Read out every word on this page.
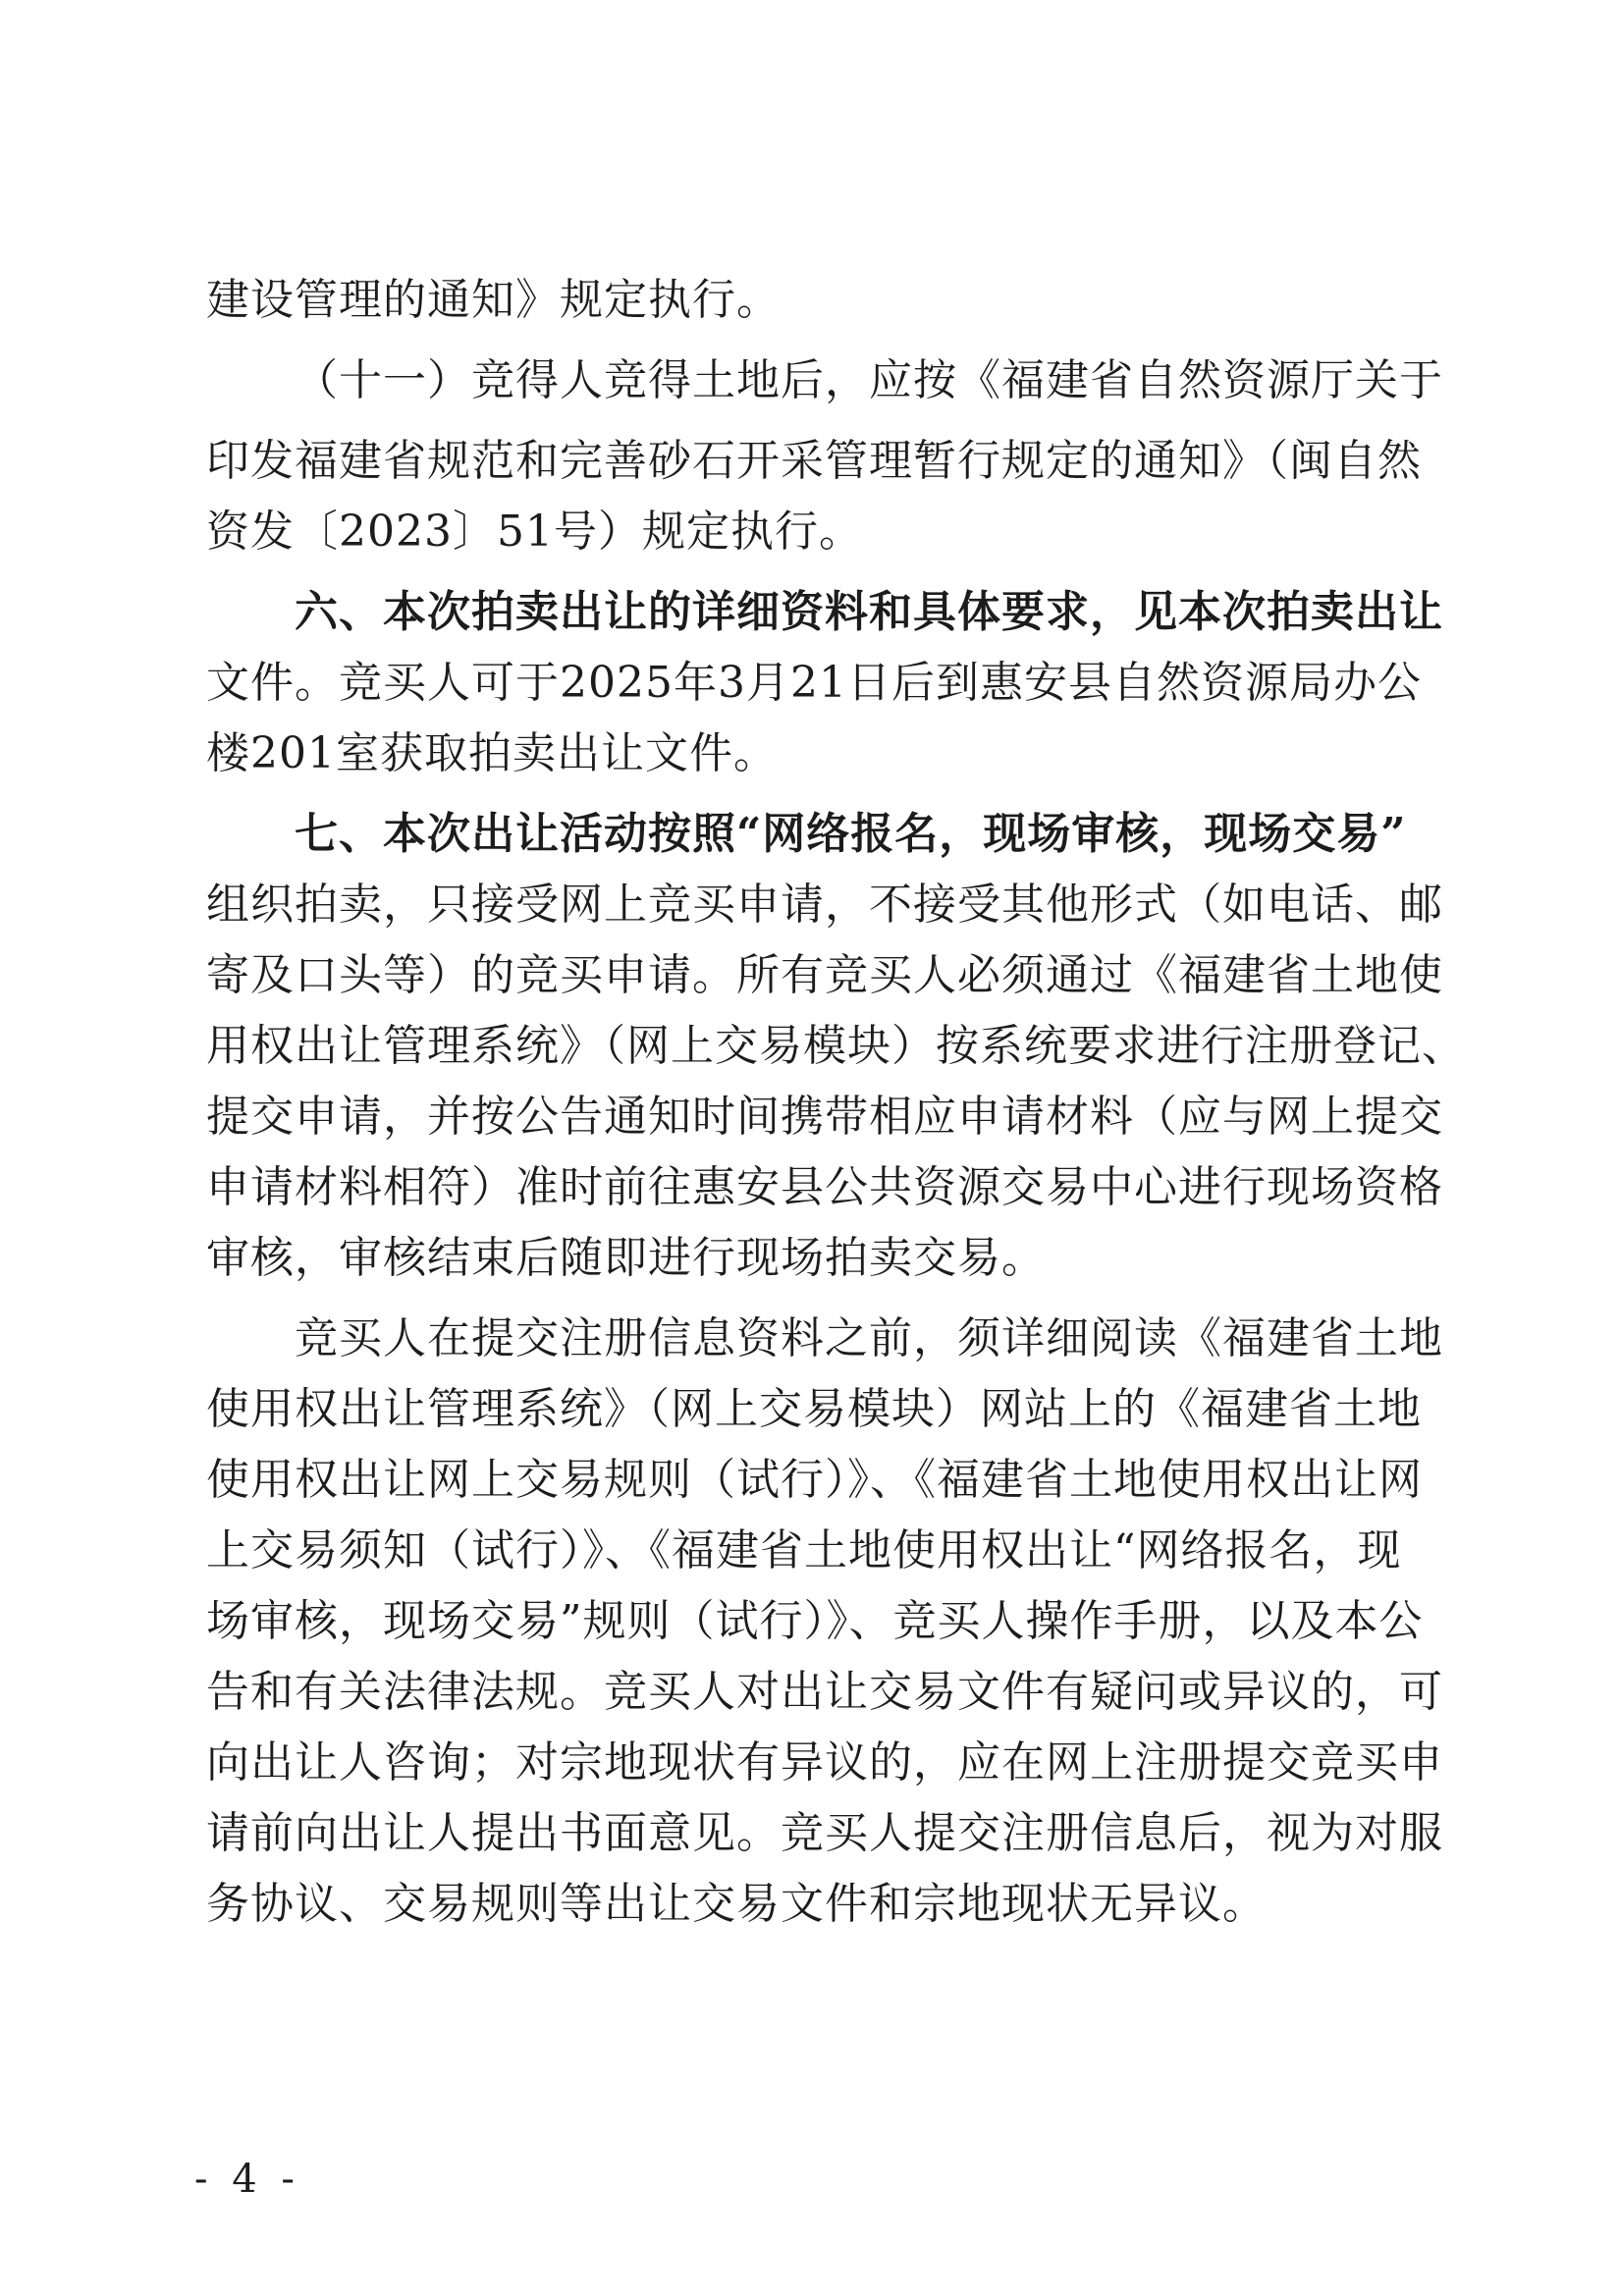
建设管理的通知》规定执行。
（十一）竞得人竞得土地后，应按《福建省自然资源厅关于
印发福建省规范和完善砂石开采管理暂行规定的通知》（闽自然
资发〔2023〕51号）规定执行。
六、本次拍卖出让的详细资料和具体要求，见本次拍卖出让
文件。竞买人可于2025年3月21日后到惠安县自然资源局办公
楼201室获取拍卖出让文件。
七、本次出让活动按照“网络报名，现场审核，现场交易”
组织拍卖，只接受网上竞买申请，不接受其他形式（如电话、邮
寄及口头等）的竞买申请。所有竞买人必须通过《福建省土地使
用权出让管理系统》（网上交易模块）按系统要求进行注册登记、
提交申请，并按公告通知时间携带相应申请材料（应与网上提交
申请材料相符）准时前往惠安县公共资源交易中心进行现场资格
审核，审核结束后随即进行现场拍卖交易。
竞买人在提交注册信息资料之前，须详细阅读《福建省土地
使用权出让管理系统》（网上交易模块）网站上的《福建省土地
使用权出让网上交易规则（试行）》、《福建省土地使用权出让网
上交易须知（试行）》、《福建省土地使用权出让“网络报名，现
场审核，现场交易”规则（试行）》、竞买人操作手册，以及本公
告和有关法律法规。竞买人对出让交易文件有疑问或异议的，可
向出让人咨询；对宗地现状有异议的，应在网上注册提交竞买申
请前向出让人提出书面意见。竞买人提交注册信息后，视为对服
务协议、交易规则等出让交易文件和宗地现状无异议。
- 4 -
